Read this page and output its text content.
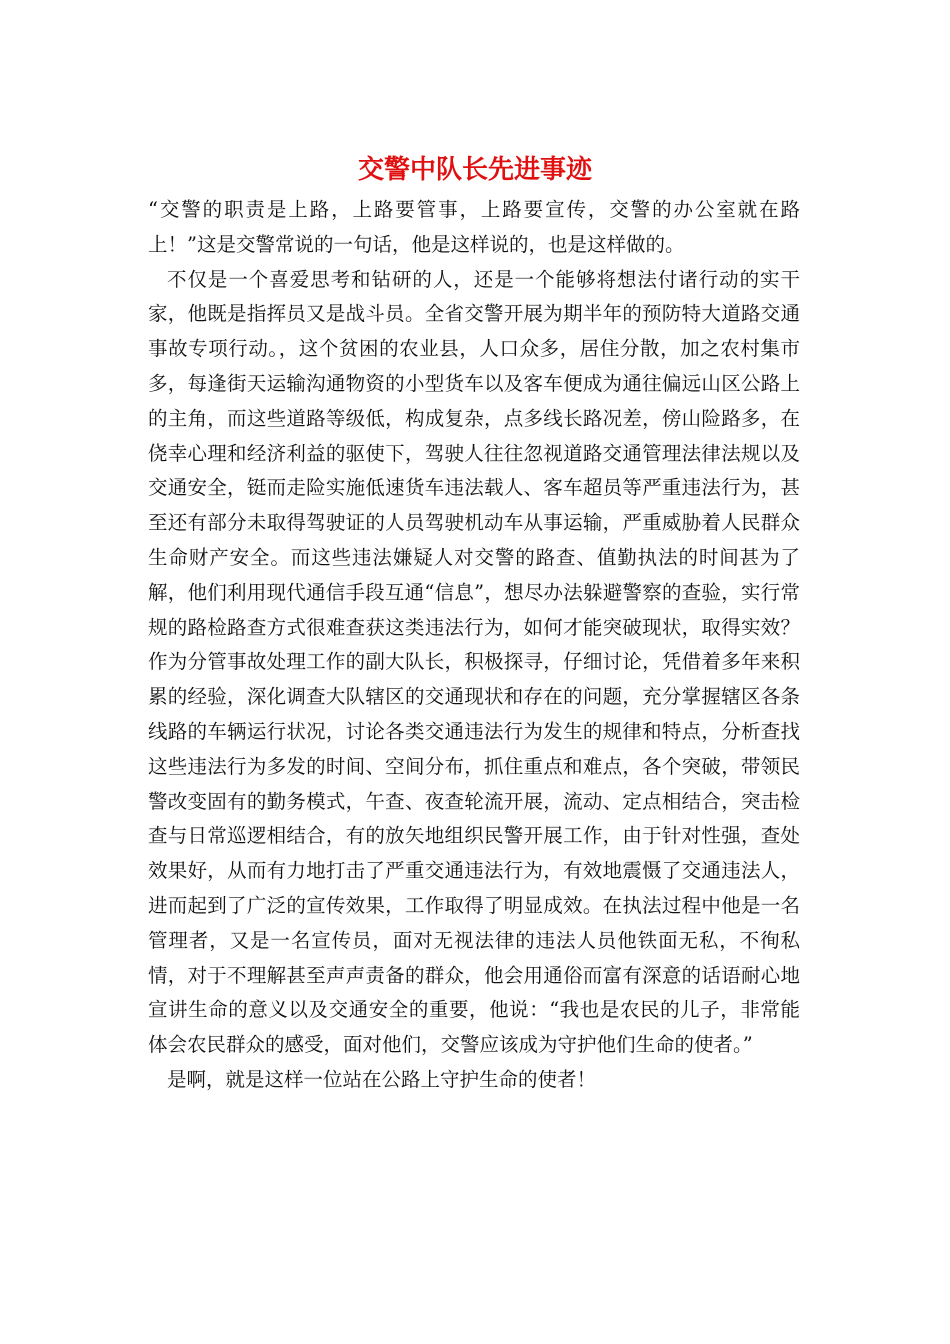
交警中队长先进事迹

“交警的职责是上路，上路要管事，上路要宣传，交警的办公室就在路上！”这是交警常说的一句话，他是这样说的，也是这样做的。

不仅是一个喜爱思考和钻研的人，还是一个能够将想法付诸行动的实干家，他既是指挥员又是战斗员。全省交警开展为期半年的预防特大道路交通事故专项行动。，这个贫困的农业县，人口众多，居住分散，加之农村集市多，每逢街天运输沟通物资的小型货车以及客车便成为通往偏远山区公路上的主角，而这些道路等级低，构成复杂，点多线长路况差，傍山险路多，在侥幸心理和经济利益的驱使下，驾驶人往往忽视道路交通管理法律法规以及交通安全，铤而走险实施低速货车违法载人、客车超员等严重违法行为，甚至还有部分未取得驾驶证的人员驾驶机动车从事运输，严重威胁着人民群众生命财产安全。而这些违法嫌疑人对交警的路查、值勤执法的时间甚为了解，他们利用现代通信手段互通“信息”，想尽办法躲避警察的查验，实行常规的路检路查方式很难查获这类违法行为，如何才能突破现状，取得实效？作为分管事故处理工作的副大队长，积极探寻，仔细讨论，凭借着多年来积累的经验，深化调查大队辖区的交通现状和存在的问题，充分掌握辖区各条线路的车辆运行状况，讨论各类交通违法行为发生的规律和特点，分析查找这些违法行为多发的时间、空间分布，抓住重点和难点，各个突破，带领民警改变固有的勤务模式，午查、夜查轮流开展，流动、定点相结合，突击检查与日常巡逻相结合，有的放矢地组织民警开展工作，由于针对性强，查处效果好，从而有力地打击了严重交通违法行为，有效地震慑了交通违法人，进而起到了广泛的宣传效果，工作取得了明显成效。在执法过程中他是一名管理者，又是一名宣传员，面对无视法律的违法人员他铁面无私，不徇私情，对于不理解甚至声声责备的群众，他会用通俗而富有深意的话语耐心地宣讲生命的意义以及交通安全的重要，他说：“我也是农民的儿子，非常能体会农民群众的感受，面对他们，交警应该成为守护他们生命的使者。”

是啊，就是这样一位站在公路上守护生命的使者！
